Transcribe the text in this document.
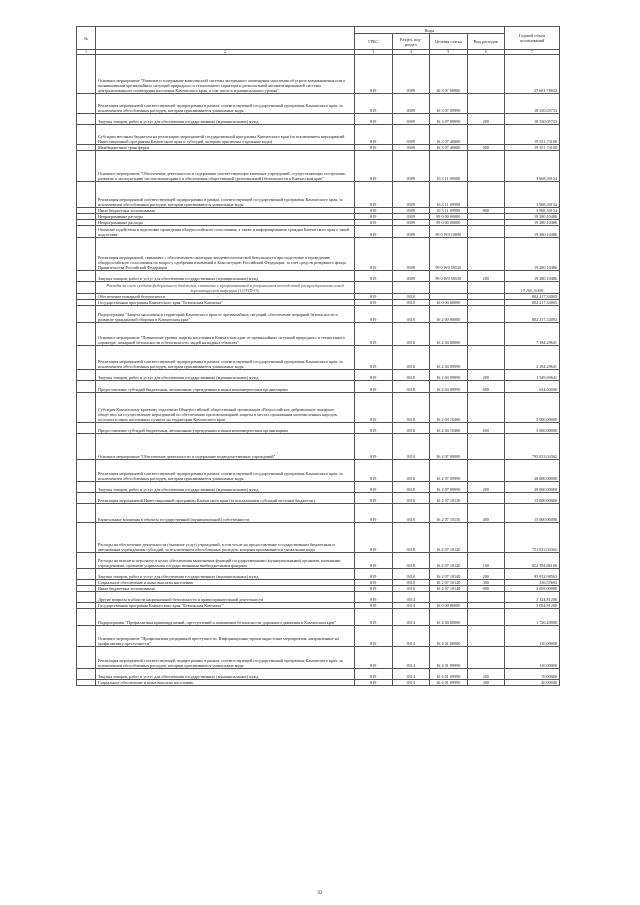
№		Коды				Годовой объем ассигнований
		ГРБС	Раздел, под-раздел	Целевая статья	Вид расходов	
1	2	3	4	5	6	7
	Основное мероприятие "Развитие и содержание комплексной системы экстренного оповещения населения об угрозе возникновения или о возникновении чрезвычайных ситуаций природного и техногенного характера и региональной автоматизированной системы централизованного оповещения населения Камчатского края, в том числе в муниципального уровня"	819	0309	16 3 07 00000		27 681,78823
	Реализация мероприятий соответствующей подпрограммы в рамках соответствующей государственной программы Камчатского края, за исключением обособленных расходов, которым присваиваются уникальные коды	819	0309	16 3 07 09990		18 330,05733
	Закупка товаров, работ и услуг для обеспечения государственных (муниципальных) нужд	819	0309	16 3 07 09990	200	18 330,05733
	Субсидии местным бюджетам на реализацию мероприятий государственной программы Камчатского края (за исключением мероприятий Инвестиционной программы Камчатского края и субсидий, которым присвоены отдельные коды)	819	0309	16 3 07 40000		19 351,73100
	Межбюджетные трансферты	819	0309	16 3 07 40000	500	19 351,73100
	Основное мероприятие "Обеспечение деятельности и содержания соответствующих казенных учреждений, осуществляющих построение, развитие и эксплуатацию систем мониторинга и обеспечения общественной (региональной) безопасности в Камчатском крае"	819	0309	16 3 11 00000		3 968,30154
	Реализация мероприятий соответствующей подпрограммы в рамках соответствующей государственной программы Камчатского края, за исключением обособленных расходов, которым присваиваются уникальные коды	819	0309	16 3 11 09990		3 968,30154
	Иные бюджетные ассигнования	819	0309	16 3 11 09990	800	3 968,30154
	Непрограммные расходы	819	0309	99 0 00 00000		19 280,10486
	Непрограммные расходы	819	0309	99 0 00 00000		19 280,10486
	Оказание содействия в подготовке проведения общероссийского голосования, а также в информировании граждан Камчатского края о такой подготовке	819	0309	99 0 W0 10000		19 280,10486
	Реализация мероприятий, связанных с обеспечением санитарно-эпидемиологической безопасности при подготовке к проведению общероссийского голосования по вопросу одобрения изменений в Конституцию Российской Федерации, за счет средств резервного фонда Правительства Российской Федерации	819	0309	99 0 W0 58530		19 280,10486
	Закупка товаров, работ и услуг для обеспечения государственных (муниципальных) нужд	819	0309	99 0 W0 58530	200	19 280,10486
	Расходы за счет средств федерального бюджета, связанные с профилактикой и устранением последствий распространения новой коронавирусной инфекции (COVID-19)					19 280,10486
	Обеспечение пожарной безопасности	819	0310			802 217,34003
	Государственная программа Камчатского края "Безопасная Камчатка"	819	0310	16 0 00 00000		802 217,34003
	Подпрограмма "Защита населения и территорий Камчатского края от чрезвычайных ситуаций, обеспечение пожарной безопасности и развитие гражданской обороны в Камчатском крае"	819	0310	16 2 00 00000		802 217,34003
	Основное мероприятие "Повышение уровня защиты населения в Камчатском крае от чрезвычайных ситуаций природного и техногенного характера, пожарной безопасности и безопасности людей на водных объектах"	819	0310	16 2 04 00000		7 184,29641
	Реализация мероприятий соответствующей подпрограммы в рамках соответствующей государственной программы Камчатского края, за исключением обособленных расходов, которым присваиваются уникальные коды	819	0310	16 2 04 09990		2 184,29641
	Закупка товаров, работ и услуг для обеспечения государственных (муниципальных) нужд	819	0310	16 2 04 09990	200	1 549,69641
	Предоставление субсидий бюджетным, автономным учреждениям и иным некоммерческим организациям	819	0310	16 2 04 09990	600	634,60000
	Субсидия Камчатскому краевому отделению Общероссийской общественной организации «Всероссийское добровольное пожарное общество» на осуществление мероприятий по обеспечению противопожарной защиты в местах проживания малочисленных народов, поселках и иных населенных пунктах на территории Камчатского края	819	0310	16 2 04 10460		5 000,00000
	Предоставление субсидий бюджетным, автономным учреждениям и иным некоммерческим организациям	819	0310	16 2 04 10460	600	5 000,00000
	Основное мероприятие "Обеспечение деятельности и содержание подведомственных учреждений"	819	0310	16 2 07 00000		795 033,04362
	Реализация мероприятий соответствующей подпрограммы в рамках соответствующей государственной программы Камчатского края, за исключением обособленных расходов, которым присваиваются уникальные коды	819	0310	16 2 07 09990		28 000,00000
	Закупка товаров, работ и услуг для обеспечения государственных (муниципальных) нужд	819	0310	16 2 07 09990	200	28 000,00000
	Реализация мероприятий Инвестиционной программы Камчатского края (за исключением субсидий местным бюджетам)	819	0310	16 2 07 10130		15 000,00000
	Капитальные вложения в объекты государственной (муниципальной) собственности	819	0310	16 2 07 10130	400	15 000,00000
	Расходы на обеспечение деятельности (оказание услуг) учреждений, в том числе на предоставление государственным бюджетным и автономным учреждениям субсидий, за исключением обособленных расходов, которым присваиваются уникальные коды	819	0310	16 2 07 10140		751 933,04362
	Расходы на выплаты персоналу в целях обеспечения выполнения функций государственными (муниципальными) органами, казенными учреждениями, органами управления государственными внебюджетными фондами	819	0310	16 2 07 10140	100	652 594,86106
	Закупка товаров, работ и услуг для обеспечения государственных (муниципальных) нужд	819	0310	16 2 07 10140	200	95 932,98563
	Социальное обеспечение и иные выплаты населению	819	0310	16 2 07 10140	300	336,57693
	Иные бюджетные ассигнования	819	0310	16 2 07 10140	800	3 059,00000
	Другие вопросы в области национальной безопасности и правоохранительной деятельности	819	0314			3 124,81200
	Государственная программа Камчатского края "Безопасная Камчатка"	819	0314	16 0 00 00000		3 054,81200
	Подпрограмма "Профилактика правонарушений, преступлений и повышение безопасности дорожного движения в Камчатском крае"	819	0314	16 4 00 00000		1 726,20000
	Основное мероприятие "Профилактика рецидивной преступности. Информационно-пропагандистские мероприятия, направленные на профилактику преступности"	819	0314	16 4 01 00000		110,00000
	Реализация мероприятий соответствующей подпрограммы в рамках соответствующей государственной программы Камчатского края, за исключением обособленных расходов, которым присваиваются уникальные коды	819	0314	16 4 01 09990		110,00000
	Закупка товаров, работ и услуг для обеспечения государственных (муниципальных) нужд	819	0314	16 4 01 09990	200	70,00000
	Социальное обеспечение и иные выплаты населению	819	0314	16 4 01 09990	300	40,00000
92
